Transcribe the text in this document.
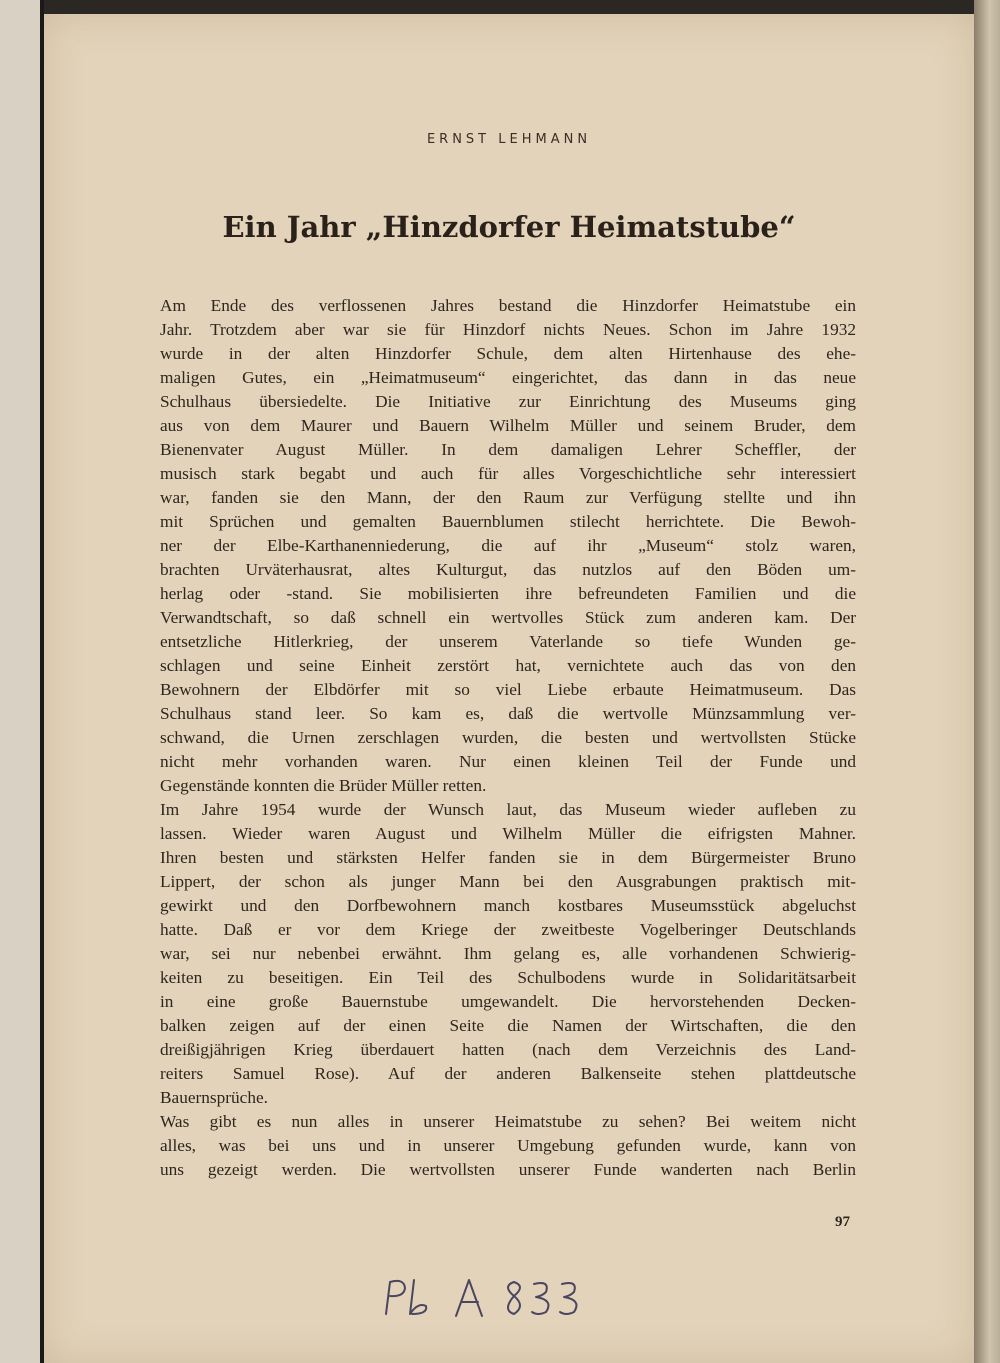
ERNST LEHMANN
Ein Jahr „Hinzdorfer Heimatstube“
Am Ende des verflossenen Jahres bestand die Hinzdorfer Heimatstube ein
Jahr. Trotzdem aber war sie für Hinzdorf nichts Neues. Schon im Jahre 1932
wurde in der alten Hinzdorfer Schule, dem alten Hirtenhause des ehe-
maligen Gutes, ein „Heimatmuseum“ eingerichtet, das dann in das neue
Schulhaus übersiedelte. Die Initiative zur Einrichtung des Museums ging
aus von dem Maurer und Bauern Wilhelm Müller und seinem Bruder, dem
Bienenvater August Müller. In dem damaligen Lehrer Scheffler, der
musisch stark begabt und auch für alles Vorgeschichtliche sehr interessiert
war, fanden sie den Mann, der den Raum zur Verfügung stellte und ihn
mit Sprüchen und gemalten Bauernblumen stilecht herrichtete. Die Bewoh-
ner der Elbe-Karthanenniederung, die auf ihr „Museum“ stolz waren,
brachten Urväterhausrat, altes Kulturgut, das nutzlos auf den Böden um-
herlag oder -stand. Sie mobilisierten ihre befreundeten Familien und die
Verwandtschaft, so daß schnell ein wertvolles Stück zum anderen kam. Der
entsetzliche Hitlerkrieg, der unserem Vaterlande so tiefe Wunden ge-
schlagen und seine Einheit zerstört hat, vernichtete auch das von den
Bewohnern der Elbdörfer mit so viel Liebe erbaute Heimatmuseum. Das
Schulhaus stand leer. So kam es, daß die wertvolle Münzsammlung ver-
schwand, die Urnen zerschlagen wurden, die besten und wertvollsten Stücke
nicht mehr vorhanden waren. Nur einen kleinen Teil der Funde und
Gegenstände konnten die Brüder Müller retten.
Im Jahre 1954 wurde der Wunsch laut, das Museum wieder aufleben zu
lassen. Wieder waren August und Wilhelm Müller die eifrigsten Mahner.
Ihren besten und stärksten Helfer fanden sie in dem Bürgermeister Bruno
Lippert, der schon als junger Mann bei den Ausgrabungen praktisch mit-
gewirkt und den Dorfbewohnern manch kostbares Museumsstück abgeluchst
hatte. Daß er vor dem Kriege der zweitbeste Vogelberinger Deutschlands
war, sei nur nebenbei erwähnt. Ihm gelang es, alle vorhandenen Schwierig-
keiten zu beseitigen. Ein Teil des Schulbodens wurde in Solidaritätsarbeit
in eine große Bauernstube umgewandelt. Die hervorstehenden Decken-
balken zeigen auf der einen Seite die Namen der Wirtschaften, die den
dreißigjährigen Krieg überdauert hatten (nach dem Verzeichnis des Land-
reiters Samuel Rose). Auf der anderen Balkenseite stehen plattdeutsche
Bauernsprüche.
Was gibt es nun alles in unserer Heimatstube zu sehen? Bei weitem nicht
alles, was bei uns und in unserer Umgebung gefunden wurde, kann von
uns gezeigt werden. Die wertvollsten unserer Funde wanderten nach Berlin
97
